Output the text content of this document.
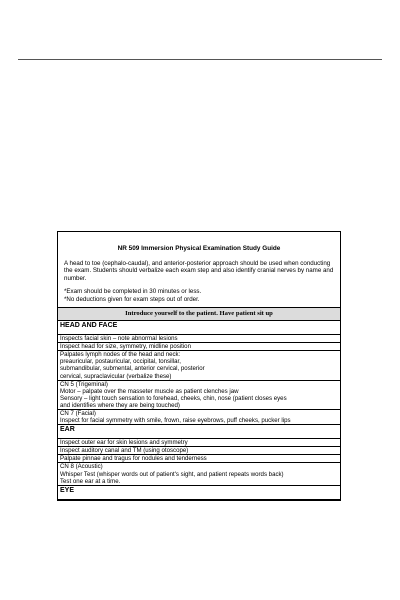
NR 509 Immersion Physical Examination Study Guide

A head to toe (cephalo-caudal), and anterior-posterior approach should be used when conducting the exam. Students should verbalize each exam step and also identify cranial nerves by name and number.

*Exam should be completed in 30 minutes or less.

*No deductions given for exam steps out of order.

Introduce yourself to the patient. Have patient sit up
HEAD AND FACE
Inspects facial skin – note abnormal lesions
Inspect head for size, symmetry, midline position
Palpates lymph nodes of the head and neck:
preauricular, postauricular, occipital, tonsillar,
submandibular, submental, anterior cervical, posterior
cervical, supraclavicular (verbalize these)
CN 5 (Trigeminal)
Motor – palpate over the masseter muscle as patient clenches jaw
Sensory – light touch sensation to forehead, cheeks, chin, nose (patient closes eyes
and identifies where they are being touched)
CN 7 (Facial)
Inspect for facial symmetry with smile, frown, raise eyebrows, puff cheeks, pucker lips
EAR
Inspect outer ear for skin lesions and symmetry
Inspect auditory canal and TM (using otoscope)
Palpate pinnae and tragus for nodules and tenderness
CN 8 (Acoustic)
Whisper Test (whisper words out of patient's sight, and patient repeats words back)
Test one ear at a time.
EYE
